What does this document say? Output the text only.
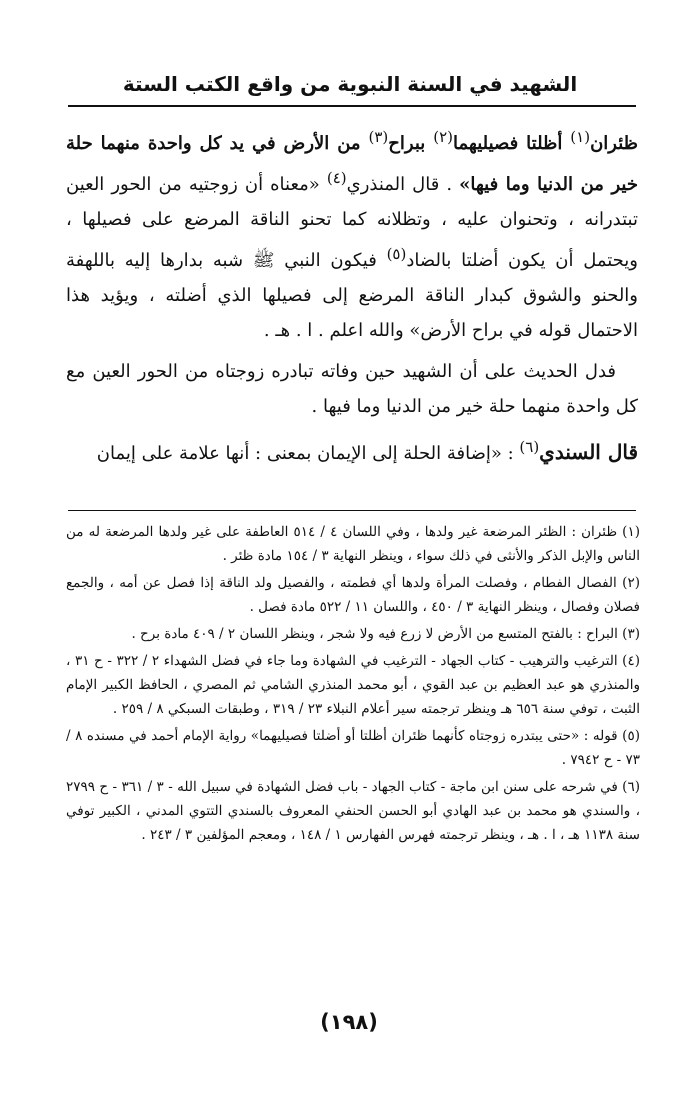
الشهيد في السنة النبوية من واقع الكتب الستة

ظئران$^{(١)}$ أظلتا فصيليهما$^{(٢)}$ ببراح$^{(٣)}$ من الأرض في يد كل واحدة منهما حلة خير من الدنيا وما فيها» . قال المنذري$^{(٤)}$ «معناه أن زوجتيه من الحور العين تبتدرانه ، وتحنوان عليه ، وتظلانه كما تحنو الناقة المرضع على فصيلها ، ويحتمل أن يكون أضلتا بالضاد$^{(٥)}$ فيكون النبي ﷺ شبه بدارها إليه باللهفة والحنو والشوق كبدار الناقة المرضع إلى فصيلها الذي أضلته ، ويؤيد هذا الاحتمال قوله في براح الأرض» والله اعلم . ا . هـ .

فدل الحديث على أن الشهيد حين وفاته تبادره زوجتاه من الحور العين مع كل واحدة منهما حلة خير من الدنيا وما فيها .

قال السندي$^{(٦)}$ : «إضافة الحلة إلى الإيمان بمعنى : أنها علامة على إيمان

(١) ظئران : الظئر المرضعة غير ولدها ، وفي اللسان ٤ / ٥١٤ العاطفة على غير ولدها المرضعة له من الناس والإبل الذكر والأنثى في ذلك سواء ، وينظر النهاية ٣ / ١٥٤ مادة ظئر .

(٢) الفصال الفطام ، وفصلت المرأة ولدها أي فطمته ، والفصيل ولد الناقة إذا فصل عن أمه ، والجمع فصلان وفصال ، وينظر النهاية ٣ / ٤٥٠ ، واللسان ١١ / ٥٢٢ مادة فصل .

(٣) البراح : بالفتح المتسع من الأرض لا زرع فيه ولا شجر ، وينظر اللسان ٢ / ٤٠٩ مادة برح .

(٤) الترغيب والترهيب - كتاب الجهاد - الترغيب في الشهادة وما جاء في فضل الشهداء ٢ / ٣٢٢ - ح ٣١ ، والمنذري هو عبد العظيم بن عبد القوي ، أبو محمد المنذري الشامي ثم المصري ، الحافظ الكبير الإمام الثبت ، توفي سنة ٦٥٦ هـ وينظر ترجمته سير أعلام النبلاء ٢٣ / ٣١٩ ، وطبقات السبكي ٨ / ٢٥٩ .

(٥) قوله : «حتى يبتدره زوجتاه كأنهما ظئران أظلتا أو أضلتا فصيليهما» رواية الإمام أحمد في مسنده ٨ / ٧٣ - ح ٧٩٤٢ .

(٦) في شرحه على سنن ابن ماجة - كتاب الجهاد - باب فضل الشهادة في سبيل الله - ٣ / ٣٦١ - ح ٢٧٩٩ ، والسندي هو محمد بن عبد الهادي أبو الحسن الحنفي المعروف بالسندي التتوي المدني ، الكبير توفي سنة ١١٣٨ هـ ، ا . هـ ، وينظر ترجمته فهرس الفهارس ١ / ١٤٨ ، ومعجم المؤلفين ٣ / ٢٤٣ .

(١٩٨)
